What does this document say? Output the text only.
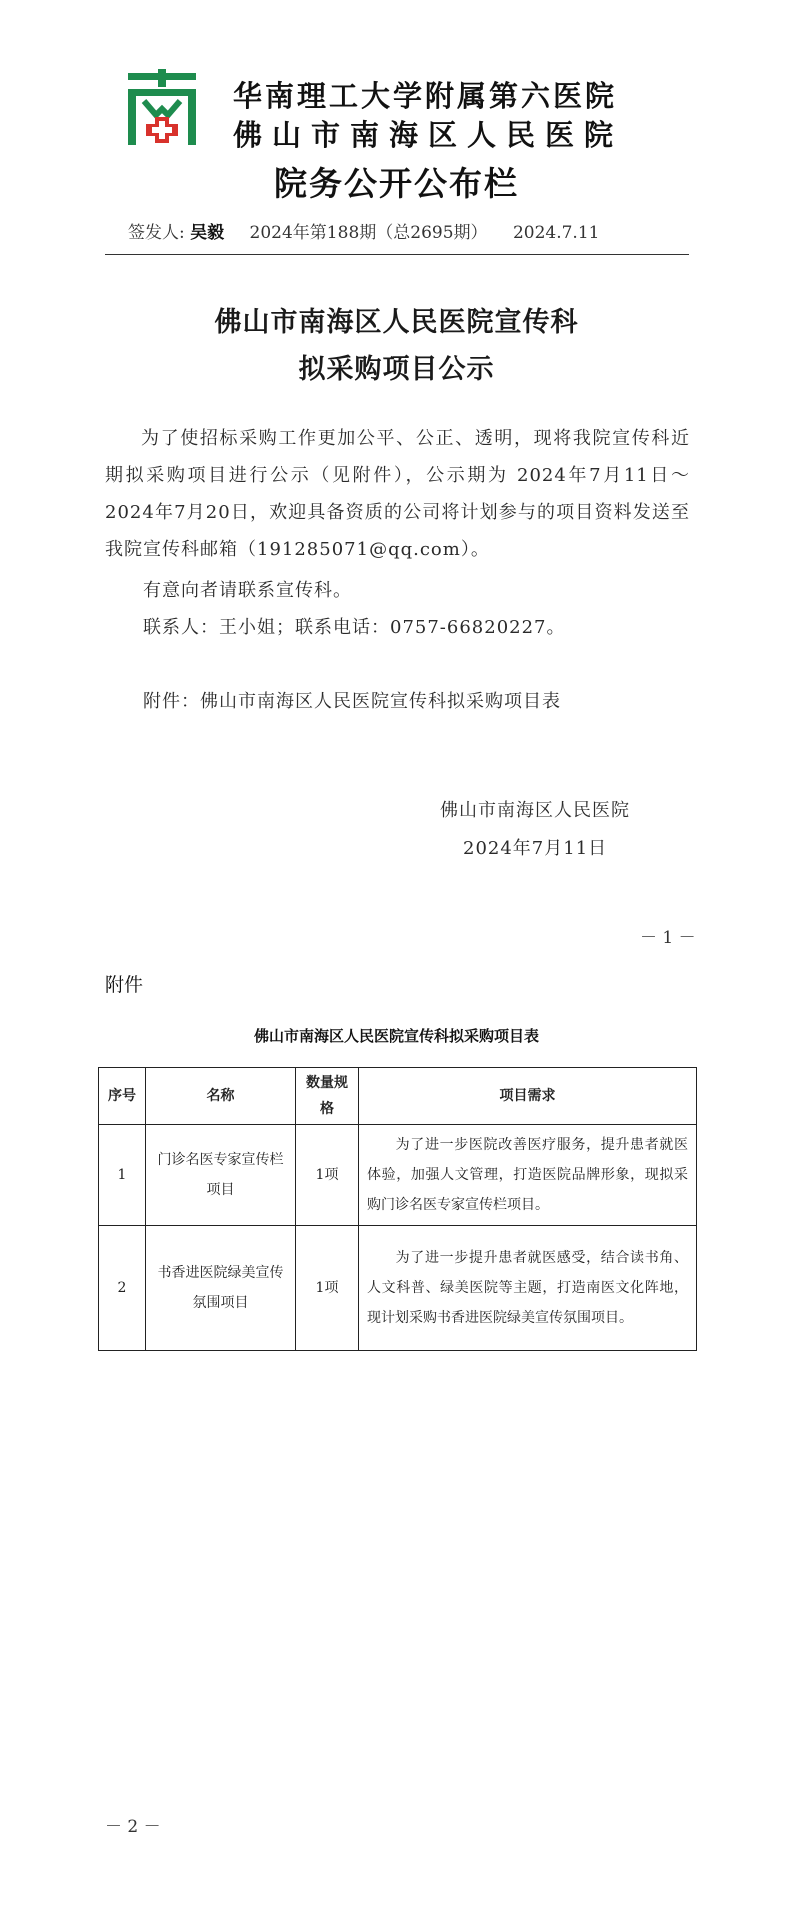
华南理工大学附属第六医院
佛山市南海区人民医院
院务公开公布栏
签发人: 吴毅 2024年第188期（总2695期） 2024.7.11
佛山市南海区人民医院宣传科
拟采购项目公示
为了使招标采购工作更加公平、公正、透明，现将我院宣传科近期拟采购项目进行公示（见附件），公示期为 2024年7月11日～2024年7月20日，欢迎具备资质的公司将计划参与的项目资料发送至我院宣传科邮箱（191285071@qq.com）。
有意向者请联系宣传科。
联系人：王小姐；联系电话：0757-66820227。
附件：佛山市南海区人民医院宣传科拟采购项目表
佛山市南海区人民医院
2024年7月11日
－ 1 －
附件
佛山市南海区人民医院宣传科拟采购项目表
序号	名称	数量规格	项目需求
1	门诊名医专家宣传栏项目	1项	为了进一步医院改善医疗服务，提升患者就医体验，加强人文管理，打造医院品牌形象，现拟采购门诊名医专家宣传栏项目。
2	书香进医院绿美宣传氛围项目	1项	为了进一步提升患者就医感受，结合读书角、人文科普、绿美医院等主题，打造南医文化阵地，现计划采购书香进医院绿美宣传氛围项目。
－ 2 －
